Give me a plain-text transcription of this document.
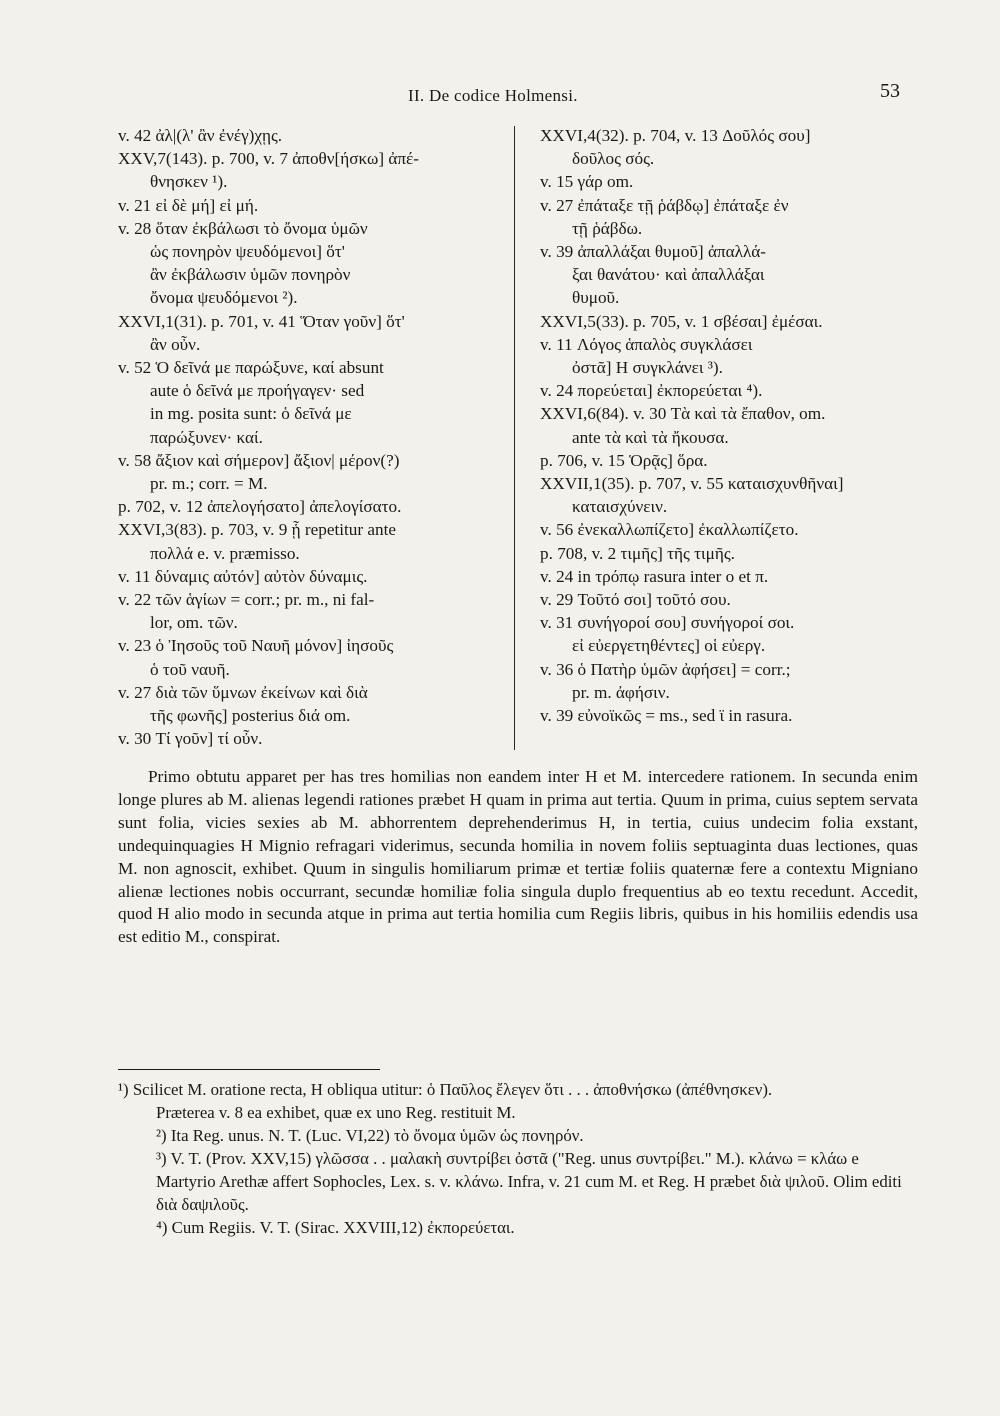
II. De codice Holmensi.	53
v. 42 ἀλ|(λ' ἂν ἐνέγ)χῃς.
XXV,7(143). p. 700, v. 7 ἀποθν[ήσκω] ἀπέ-
θνησκεν ¹).
v. 21 εἰ δὲ μή] εἰ μή.
v. 28 ὅταν ἐκβάλωσι τὸ ὄνομα ὑμῶν
ὡς πονηρὸν ψευδόμενοι] ὅτ'
ἂν ἐκβάλωσιν ὑμῶν πονηρὸν
ὄνομα ψευδόμενοι ²).
XXVI,1(31). p. 701, v. 41 Ὅταν γοῦν] ὅτ'
ἂν οὖν.
v. 52 Ὁ δεῖνά με παρώξυνε, καί absunt
aute ὁ δεῖνά με προήγαγεν· sed
in mg. posita sunt: ὁ δεῖνά με
παρώξυνεν· καί.
v. 58 ἄξιον καὶ σήμερον] ἄξιον| μέρον(?)
pr. m.; corr. = M.
p. 702, v. 12 ἀπελογήσατο] ἀπελογίσατο.
XXVI,3(83). p. 703, v. 9 ᾗ repetitur ante
πολλά e. v. præmisso.
v. 11 δύναμις αὐτόν] αὐτὸν δύναμις.
v. 22 τῶν ἁγίων = corr.; pr. m., ni fal-
lor, om. τῶν.
v. 23 ὁ Ἰησοῦς τοῦ Ναυῆ μόνον] ἰησοῦς
ὁ τοῦ ναυῆ.
v. 27 διὰ τῶν ὕμνων ἐκείνων καὶ διὰ
τῆς φωνῆς] posterius διά om.
v. 30 Τί γοῦν] τί οὖν.
XXVI,4(32). p. 704, v. 13 Δοῦλός σου]
δοῦλος σός.
v. 15 γάρ om.
v. 27 ἐπάταξε τῇ ῥάβδῳ] ἐπάταξε ἐν
τῇ ῥάβδω.
v. 39 ἀπαλλάξαι θυμοῦ] ἀπαλλά-
ξαι θανάτου· καὶ ἀπαλλάξαι
θυμοῦ.
XXVI,5(33). p. 705, v. 1 σβέσαι] ἐμέσαι.
v. 11 Λόγος ἁπαλὸς συγκλάσει
ὀστᾶ] H συγκλάνει ³).
v. 24 πορεύεται] ἐκπορεύεται ⁴).
XXVI,6(84). v. 30 Τὰ καὶ τὰ ἔπαθον, om.
ante τὰ καὶ τὰ ἤκουσα.
p. 706, v. 15 Ὁρᾷς] ὅρα.
XXVII,1(35). p. 707, v. 55 καταισχυνθῆναι]
καταισχύνειν.
v. 56 ἐνεκαλλωπίζετο] ἐκαλλωπίζετο.
p. 708, v. 2 τιμῆς] τῆς τιμῆς.
v. 24 in τρόπῳ rasura inter ο et π.
v. 29 Τοῦτό σοι] τοῦτό σου.
v. 31 συνήγοροί σου] συνήγοροί σοι.
εἰ εὐεργετηθέντες] οἱ εὐεργ.
v. 36 ὁ Πατὴρ ὑμῶν ἀφήσει] = corr.;
pr. m. ἀφήσιν.
v. 39 εὐνοϊκῶς = ms., sed ϊ in rasura.

Primo obtutu apparet per has tres homilias non eandem inter H et M. intercedere rationem. In secunda enim longe plures ab M. alienas legendi rationes præbet H quam in prima aut tertia. Quum in prima, cuius septem servata sunt folia, vicies sexies ab M. abhorrentem deprehenderimus H, in tertia, cuius undecim folia exstant, undequinquagies H Mignio refragari viderimus, secunda homilia in novem foliis septuaginta duas lectiones, quas M. non agnoscit, exhibet. Quum in singulis homiliarum primæ et tertiæ foliis quaternæ fere a contextu Migniano alienæ lectiones nobis occurrant, secundæ homiliæ folia singula duplo frequentius ab eo textu recedunt. Accedit, quod H alio modo in secunda atque in prima aut tertia homilia cum Regiis libris, quibus in his homiliis edendis usa est editio M., conspirat.

¹) Scilicet M. oratione recta, H obliqua utitur: ὁ Παῦλος ἔλεγεν ὅτι . . . ἀποθνήσκω (ἀπέθνησκεν).

Præterea v. 8 ea exhibet, quæ ex uno Reg. restituit M.

²) Ita Reg. unus. N. T. (Luc. VI,22) τὸ ὄνομα ὑμῶν ὡς πονηρόν.

³) V. T. (Prov. XXV,15) γλῶσσα . . μαλακὴ συντρίβει ὀστᾶ ("Reg. unus συντρίβει." M.). κλάνω = κλάω e Martyrio Arethæ affert Sophocles, Lex. s. v. κλάνω. Infra, v. 21 cum M. et Reg. H præbet διὰ ψιλοῦ. Olim editi διὰ δαψιλοῦς.

⁴) Cum Regiis. V. T. (Sirac. XXVIII,12) ἐκπορεύεται.
